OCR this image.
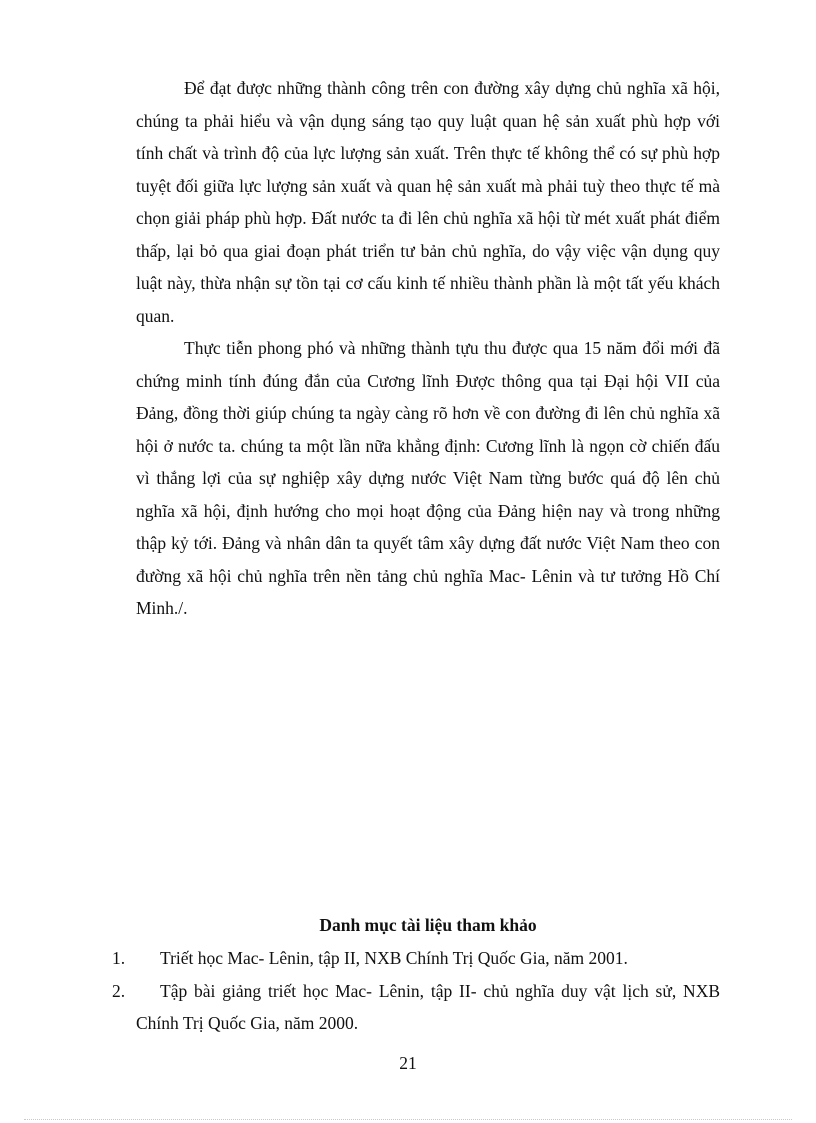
Để đạt được những thành công trên con đường xây dựng chủ nghĩa xã hội, chúng ta phải hiểu và vận dụng sáng tạo quy luật quan hệ sản xuất phù hợp với tính chất và trình độ của lực lượng sản xuất. Trên thực tế không thể có sự phù hợp tuyệt đối giữa lực lượng sản xuất và quan hệ sản xuất mà phải tuỳ theo thực tế mà chọn giải pháp phù hợp. Đất nước ta đi lên chủ nghĩa xã hội từ mét xuất phát điểm thấp, lại bỏ qua giai đoạn phát triển tư bản chủ nghĩa, do vậy việc vận dụng quy luật này, thừa nhận sự tồn tại cơ cấu kinh tế nhiều thành phần là một tất yếu khách quan.

Thực tiễn phong phó và những thành tựu thu được qua 15 năm đổi mới đã chứng minh tính đúng đắn của Cương lĩnh Được thông qua tại Đại hội VII của Đảng, đồng thời giúp chúng ta ngày càng rõ hơn về con đường đi lên chủ nghĩa xã hội ở nước ta. chúng ta một lần nữa khẳng định: Cương lĩnh là ngọn cờ chiến đấu vì thắng lợi của sự nghiệp xây dựng nước Việt Nam từng bước quá độ lên chủ nghĩa xã hội, định hướng cho mọi hoạt động của Đảng hiện nay và trong những thập kỷ tới. Đảng và nhân dân ta quyết tâm xây dựng đất nước Việt Nam theo con đường xã hội chủ nghĩa trên nền tảng chủ nghĩa Mac- Lênin và tư tưởng Hồ Chí Minh./.

Danh mục tài liệu tham khảo

1. Triết học Mac- Lênin, tập II, NXB Chính Trị Quốc Gia, năm 2001.
2. Tập bài giảng triết học Mac- Lênin, tập II- chủ nghĩa duy vật lịch sử, NXB Chính Trị Quốc Gia, năm 2000.

21
